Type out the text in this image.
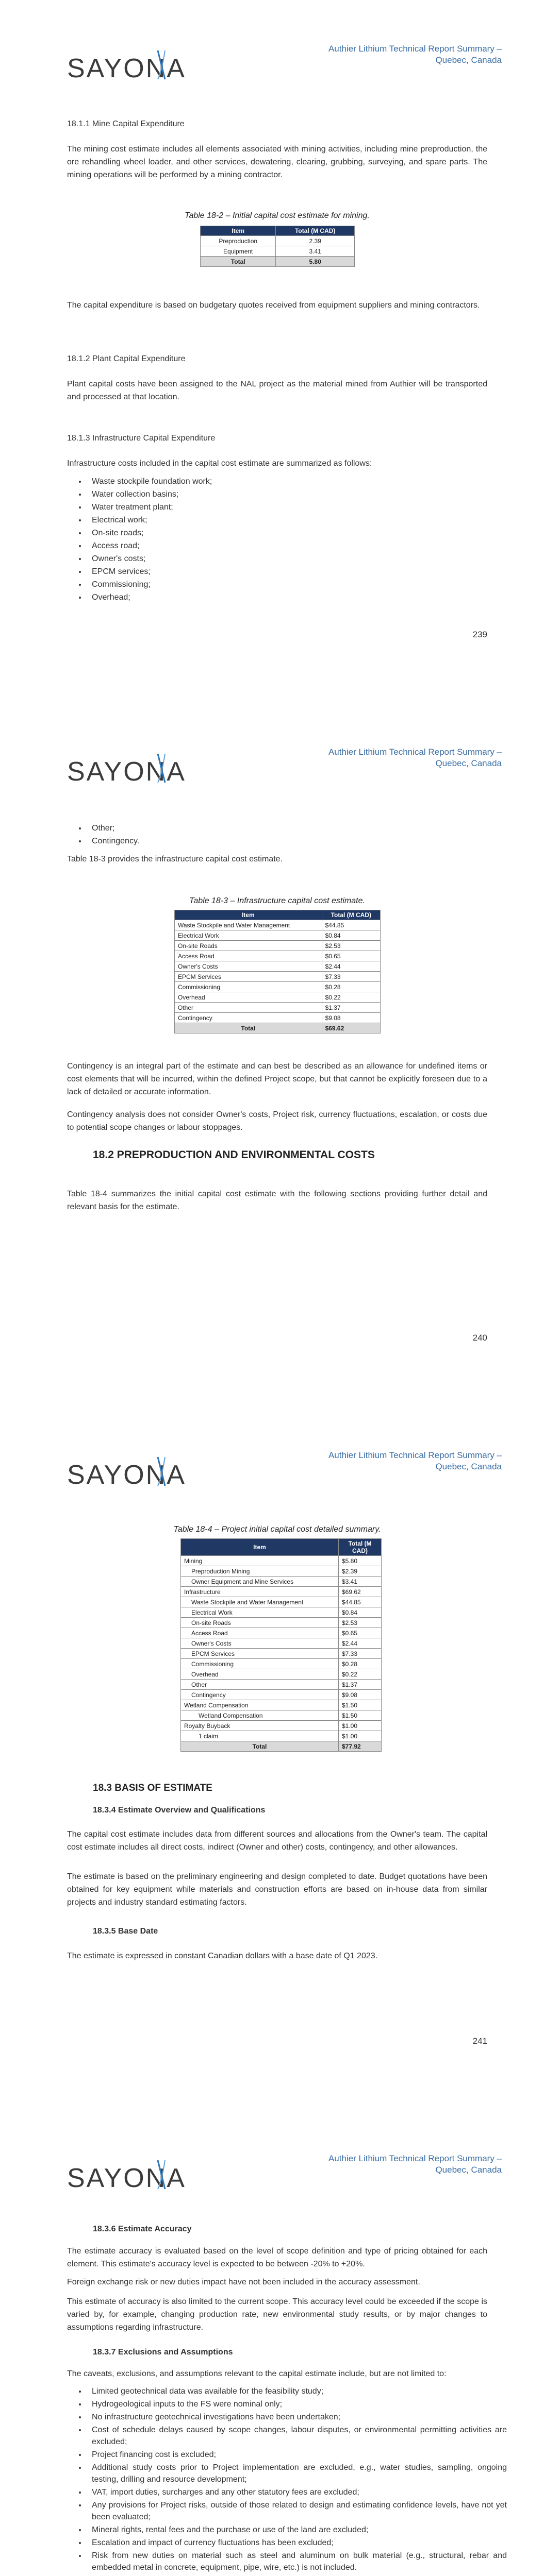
SAYONA
Authier Lithium Technical Report Summary –
Quebec, Canada
18.1.1 Mine Capital Expenditure
The mining cost estimate includes all elements associated with mining activities, including mine preproduction, the ore rehandling wheel loader, and other services, dewatering, clearing, grubbing, surveying, and spare parts. The mining operations will be performed by a mining contractor.
Table 18-2 – Initial capital cost estimate for mining.
Item	Total (M CAD)
Preproduction	2.39
Equipment	3.41
Total	5.80
The capital expenditure is based on budgetary quotes received from equipment suppliers and mining contractors.
18.1.2 Plant Capital Expenditure
Plant capital costs have been assigned to the NAL project as the material mined from Authier will be transported and processed at that location.
18.1.3 Infrastructure Capital Expenditure
Infrastructure costs included in the capital cost estimate are summarized as follows:
• Waste stockpile foundation work;
• Water collection basins;
• Water treatment plant;
• Electrical work;
• On-site roads;
• Access road;
• Owner's costs;
• EPCM services;
• Commissioning;
• Overhead;
239
SAYONA
Authier Lithium Technical Report Summary –
Quebec, Canada
• Other;
• Contingency.
Table 18-3 provides the infrastructure capital cost estimate.
Table 18-3 – Infrastructure capital cost estimate.
Item	Total (M CAD)
Waste Stockpile and Water Management	$44.85
Electrical Work	$0.84
On-site Roads	$2.53
Access Road	$0.65
Owner's Costs	$2.44
EPCM Services	$7.33
Commissioning	$0.28
Overhead	$0.22
Other	$1.37
Contingency	$9.08
Total	$69.62
Contingency is an integral part of the estimate and can best be described as an allowance for undefined items or cost elements that will be incurred, within the defined Project scope, but that cannot be explicitly foreseen due to a lack of detailed or accurate information.
Contingency analysis does not consider Owner's costs, Project risk, currency fluctuations, escalation, or costs due to potential scope changes or labour stoppages.
18.2 PREPRODUCTION AND ENVIRONMENTAL COSTS
Table 18-4 summarizes the initial capital cost estimate with the following sections providing further detail and relevant basis for the estimate.
240
SAYONA
Authier Lithium Technical Report Summary –
Quebec, Canada
Table 18-4 – Project initial capital cost detailed summary.
Item	Total (M CAD)
Mining	$5.80
Preproduction Mining	$2.39
Owner Equipment and Mine Services	$3.41
Infrastructure	$69.62
Waste Stockpile and Water Management	$44.85
Electrical Work	$0.84
On-site Roads	$2.53
Access Road	$0.65
Owner's Costs	$2.44
EPCM Services	$7.33
Commissioning	$0.28
Overhead	$0.22
Other	$1.37
Contingency	$9.08
Wetland Compensation	$1.50
Wetland Compensation	$1.50
Royalty Buyback	$1.00
1 claim	$1.00
Total	$77.92
18.3 BASIS OF ESTIMATE
18.3.4 Estimate Overview and Qualifications
The capital cost estimate includes data from different sources and allocations from the Owner's team. The capital cost estimate includes all direct costs, indirect (Owner and other) costs, contingency, and other allowances.
The estimate is based on the preliminary engineering and design completed to date. Budget quotations have been obtained for key equipment while materials and construction efforts are based on in-house data from similar projects and industry standard estimating factors.
18.3.5 Base Date
The estimate is expressed in constant Canadian dollars with a base date of Q1 2023.
241
SAYONA
Authier Lithium Technical Report Summary –
Quebec, Canada
18.3.6 Estimate Accuracy
The estimate accuracy is evaluated based on the level of scope definition and type of pricing obtained for each element. This estimate's accuracy level is expected to be between -20% to +20%.
Foreign exchange risk or new duties impact have not been included in the accuracy assessment.
This estimate of accuracy is also limited to the current scope. This accuracy level could be exceeded if the scope is varied by, for example, changing production rate, new environmental study results, or by major changes to assumptions regarding infrastructure.
18.3.7 Exclusions and Assumptions
The caveats, exclusions, and assumptions relevant to the capital estimate include, but are not limited to:
• Limited geotechnical data was available for the feasibility study;
• Hydrogeological inputs to the FS were nominal only;
• No infrastructure geotechnical investigations have been undertaken;
• Cost of schedule delays caused by scope changes, labour disputes, or environmental permitting activities are excluded;
• Project financing cost is excluded;
• Additional study costs prior to Project implementation are excluded, e.g., water studies, sampling, ongoing testing, drilling and resource development;
• VAT, import duties, surcharges and any other statutory fees are excluded;
• Any provisions for Project risks, outside of those related to design and estimating confidence levels, have not yet been evaluated;
• Mineral rights, rental fees and the purchase or use of the land are excluded;
• Escalation and impact of currency fluctuations has been excluded;
• Risk from new duties on material such as steel and aluminum on bulk material (e.g., structural, rebar and embedded metal in concrete, equipment, pipe, wire, etc.) is not included.
